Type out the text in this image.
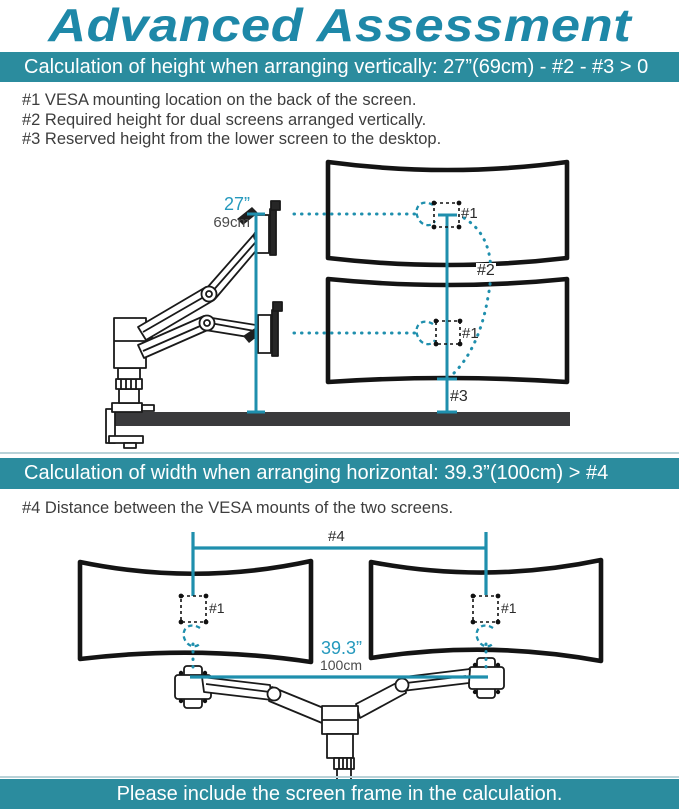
Advanced Assessment
Calculation of height when arranging vertically: 27”(69cm) - #2 - #3 > 0
#1 VESA mounting location on the back of the screen.
#2 Required height for dual screens arranged vertically.
#3 Reserved height from the lower screen to the desktop.
27”
69cm
#1
#1
#2
#3
Calculation of width when arranging horizontal: 39.3”(100cm) > #4
#4 Distance between the VESA mounts of the two screens.
#4
#1	#1
39.3”
100cm
Please include the screen frame in the calculation.
